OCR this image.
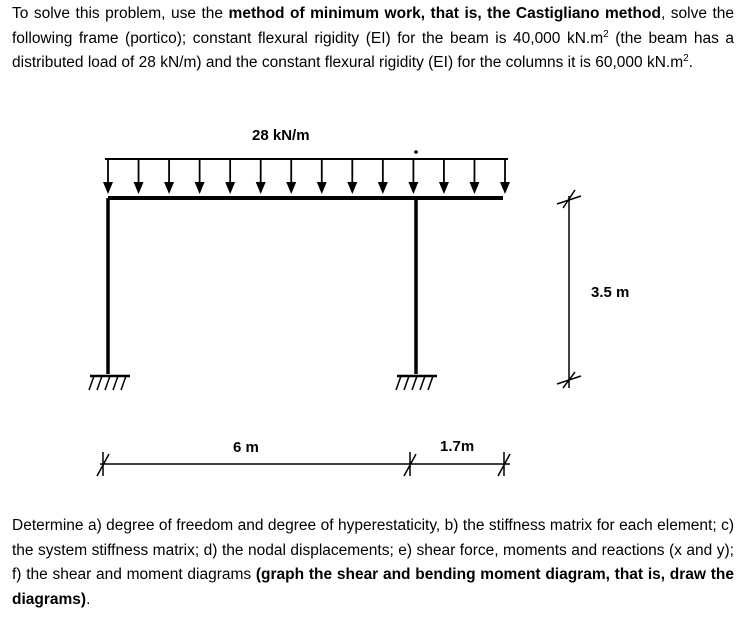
To solve this problem, use the method of minimum work, that is, the Castigliano method, solve the following frame (portico); constant flexural rigidity (EI) for the beam is 40,000 $kN.m^2$ (the beam has a distributed load of 28 kN/m) and the constant flexural rigidity (EI) for the columns it is 60,000 $kN.m^2$.
28 kN/m
3.5 m
6 m	1.7m
Determine a) degree of freedom and degree of hyperestaticity, b) the stiffness matrix for each element; c) the system stiffness matrix; d) the nodal displacements; e) shear force, moments and reactions (x and y); f) the shear and moment diagrams (graph the shear and bending moment diagram, that is, draw the diagrams).
